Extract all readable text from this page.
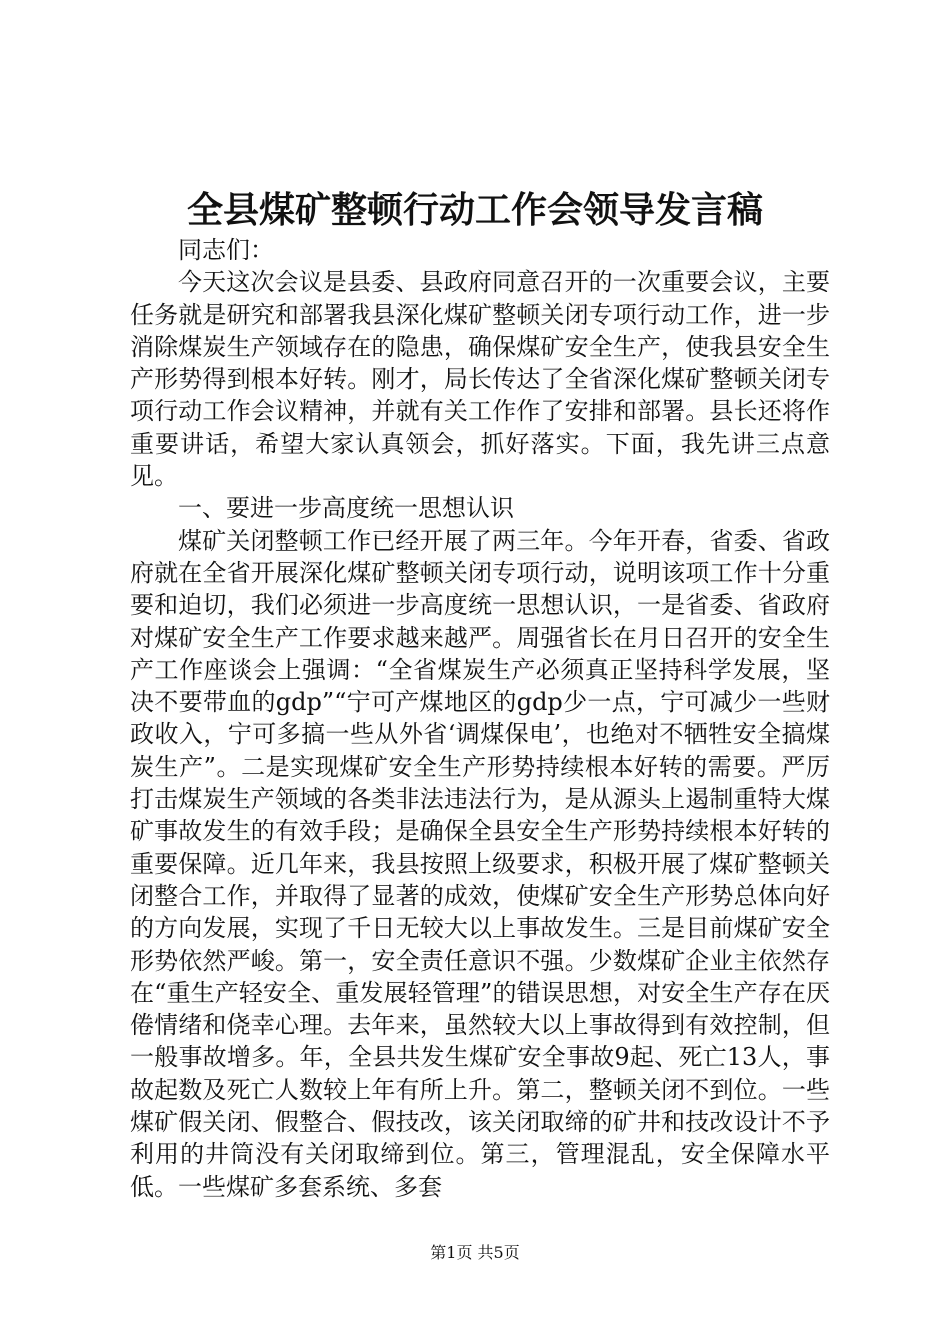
全县煤矿整顿行动工作会领导发言稿

同志们：

今天这次会议是县委、县政府同意召开的一次重要会议，主要任务就是研究和部署我县深化煤矿整顿关闭专项行动工作，进一步消除煤炭生产领域存在的隐患，确保煤矿安全生产，使我县安全生产形势得到根本好转。刚才，局长传达了全省深化煤矿整顿关闭专项行动工作会议精神，并就有关工作作了安排和部署。县长还将作重要讲话，希望大家认真领会，抓好落实。下面，我先讲三点意见。

一、要进一步高度统一思想认识

煤矿关闭整顿工作已经开展了两三年。今年开春，省委、省政府就在全省开展深化煤矿整顿关闭专项行动，说明该项工作十分重要和迫切，我们必须进一步高度统一思想认识，一是省委、省政府对煤矿安全生产工作要求越来越严。周强省长在月日召开的安全生产工作座谈会上强调：“全省煤炭生产必须真正坚持科学发展，坚决不要带血的gdp”“宁可产煤地区的gdp少一点，宁可减少一些财政收入，宁可多搞一些从外省‘调煤保电’，也绝对不牺牲安全搞煤炭生产”。二是实现煤矿安全生产形势持续根本好转的需要。严厉打击煤炭生产领域的各类非法违法行为，是从源头上遏制重特大煤矿事故发生的有效手段；是确保全县安全生产形势持续根本好转的重要保障。近几年来，我县按照上级要求，积极开展了煤矿整顿关闭整合工作，并取得了显著的成效，使煤矿安全生产形势总体向好的方向发展，实现了千日无较大以上事故发生。三是目前煤矿安全形势依然严峻。第一，安全责任意识不强。少数煤矿企业主依然存在“重生产轻安全、重发展轻管理”的错误思想，对安全生产存在厌倦情绪和侥幸心理。去年来，虽然较大以上事故得到有效控制，但一般事故增多。年，全县共发生煤矿安全事故9起、死亡13人，事故起数及死亡人数较上年有所上升。第二，整顿关闭不到位。一些煤矿假关闭、假整合、假技改，该关闭取缔的矿井和技改设计不予利用的井筒没有关闭取缔到位。第三，管理混乱，安全保障水平低。一些煤矿多套系统、多套

第1页 共5页
